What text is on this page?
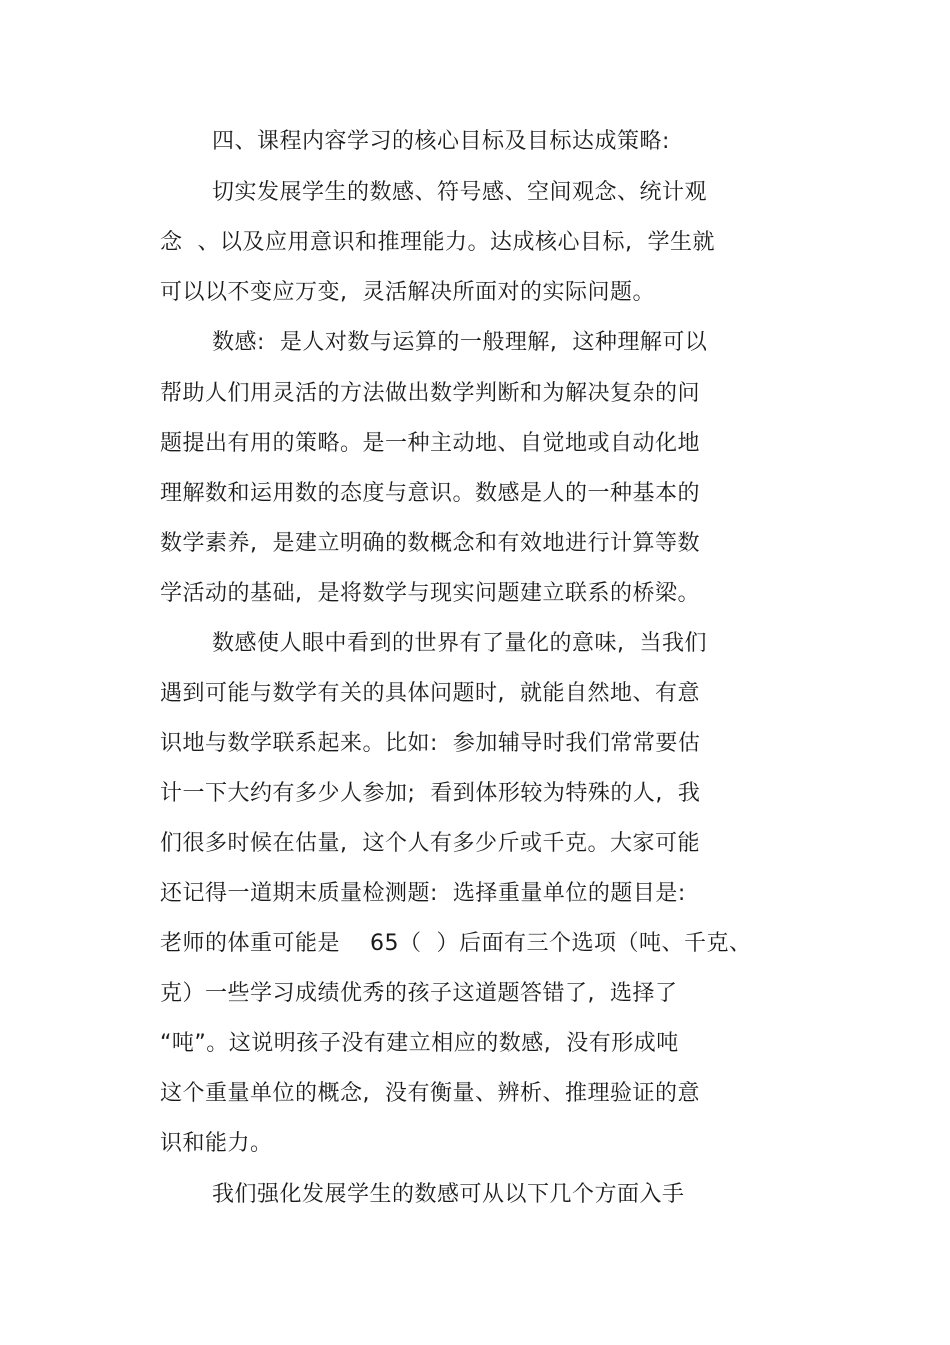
四、课程内容学习的核心目标及目标达成策略:
切实发展学生的数感、符号感、空间观念、统计观
念  、以及应用意识和推理能力。达成核心目标,  学生就
可以以不变应万变,  灵活解决所面对的实际问题。
数感:  是人对数与运算的一般理解,  这种理解可以
帮助人们用灵活的方法做出数学判断和为解决复杂的问
题提出有用的策略。是一种主动地、自觉地或自动化地
理解数和运用数的态度与意识。数感是人的一种基本的
数学素养,  是建立明确的数概念和有效地进行计算等数
学活动的基础,  是将数学与现实问题建立联系的桥梁。
数感使人眼中看到的世界有了量化的意味,  当我们
遇到可能与数学有关的具体问题时,  就能自然地、有意
识地与数学联系起来。比如:  参加辅导时我们常常要估
计一下大约有多少人参加;  看到体形较为特殊的人,  我
们很多时候在估量,  这个人有多少斤或千克。大家可能
还记得一道期末质量检测题:  选择重量单位的题目是:
老师的体重可能是    65（  ）后面有三个选项（吨、千克、
克）一些学习成绩优秀的孩子这道题答错了,  选择了
“吨”。这说明孩子没有建立相应的数感,  没有形成吨
这个重量单位的概念,  没有衡量、辨析、推理验证的意
识和能力。
我们强化发展学生的数感可从以下几个方面入手
